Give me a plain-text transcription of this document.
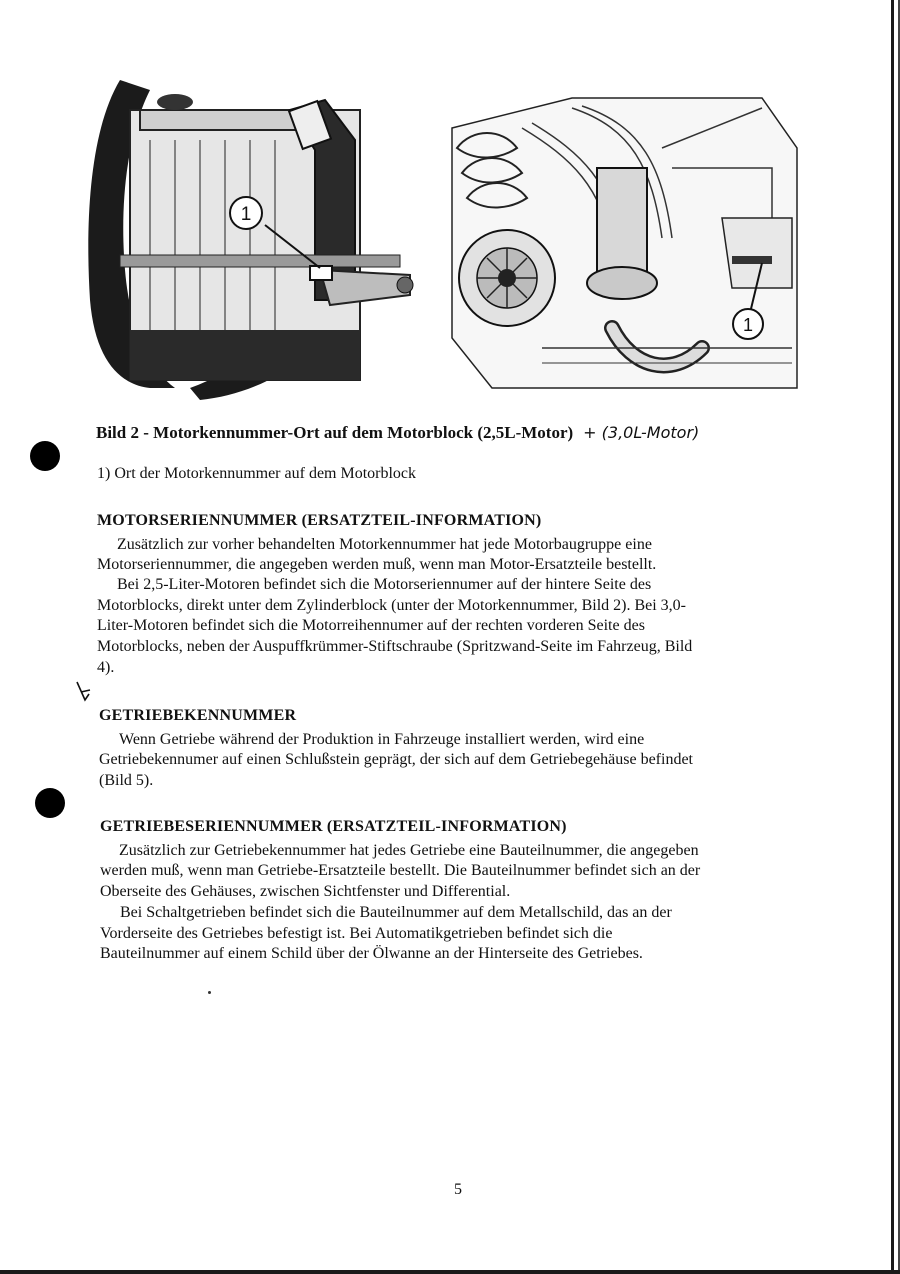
1
1
Bild 2 - Motorkennummer-Ort auf dem Motorblock (2,5L-Motor) + (3,0L-Motor)
1) Ort der Motorkennummer auf dem Motorblock
MOTORSERIENNUMMER (ERSATZTEIL-INFORMATION)
Zusätzlich zur vorher behandelten Motorkennummer hat jede Motorbaugruppe eine
Motorseriennummer, die angegeben werden muß, wenn man Motor-Ersatzteile bestellt.
Bei 2,5-Liter-Motoren befindet sich die Motorseriennumer auf der hintere Seite des
Motorblocks, direkt unter dem Zylinderblock (unter der Motorkennummer, Bild 2). Bei 3,0-
Liter-Motoren befindet sich die Motorreihennumer auf der rechten vorderen Seite des
Motorblocks, neben der Auspuffkrümmer-Stiftschraube (Spritzwand-Seite im Fahrzeug, Bild
4).
GETRIEBEKENNUMMER
Wenn Getriebe während der Produktion in Fahrzeuge installiert werden, wird eine
Getriebekennumer auf einen Schlußstein geprägt, der sich auf dem Getriebegehäuse befindet
(Bild 5).
GETRIEBESERIENNUMMER (ERSATZTEIL-INFORMATION)
Zusätzlich zur Getriebekennummer hat jedes Getriebe eine Bauteilnummer, die angegeben
werden muß, wenn man Getriebe-Ersatzteile bestellt. Die Bauteilnummer befindet sich an der
Oberseite des Gehäuses, zwischen Sichtfenster und Differential.
Bei Schaltgetrieben befindet sich die Bauteilnummer auf dem Metallschild, das an der
Vorderseite des Getriebes befestigt ist. Bei Automatikgetrieben befindet sich die
Bauteilnummer auf einem Schild über der Ölwanne an der Hinterseite des Getriebes.
5
